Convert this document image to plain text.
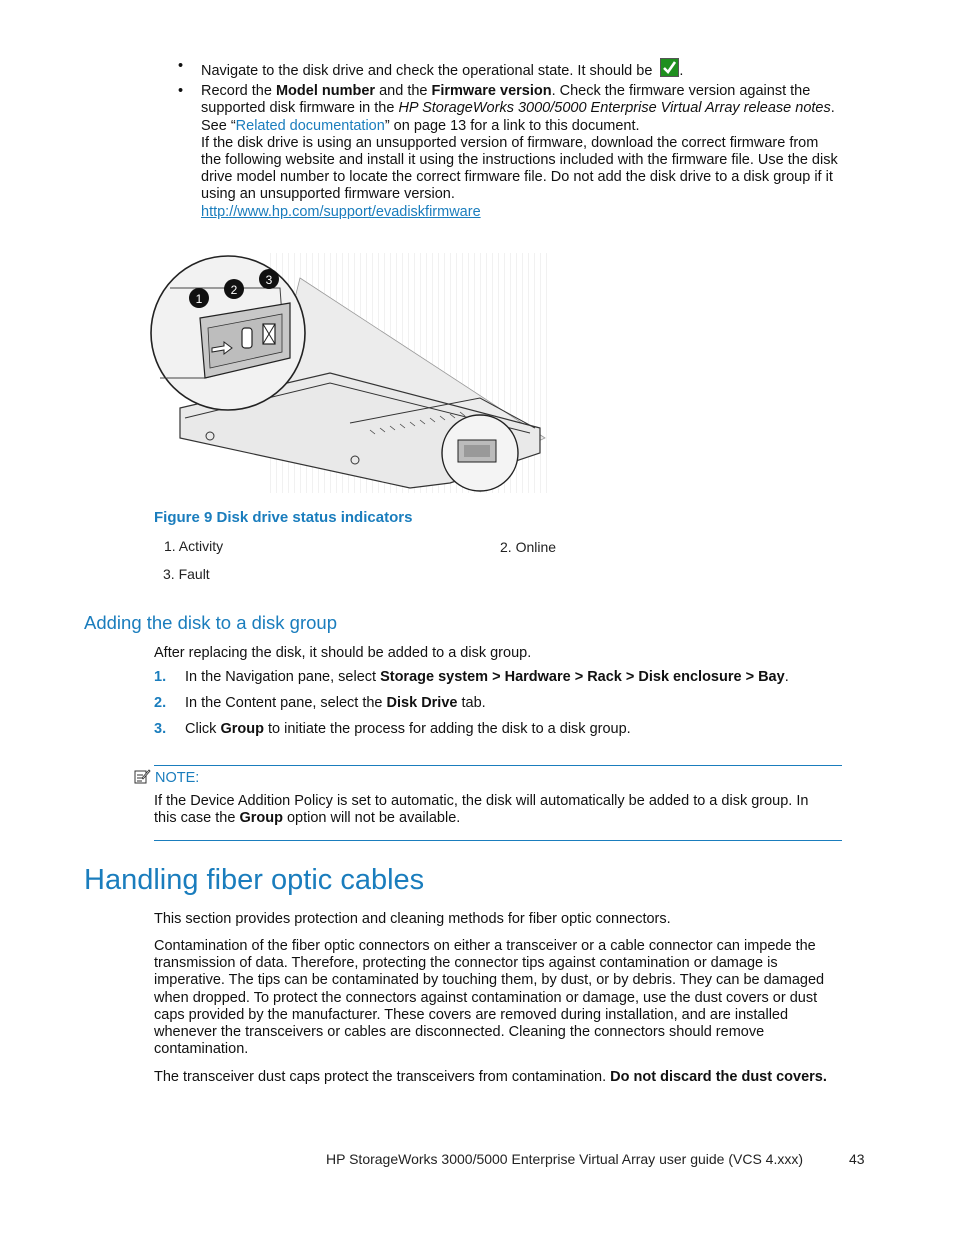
• Navigate to the disk drive and check the operational state. It should be .
• Record the Model number and the Firmware version. Check the firmware version against the supported disk firmware in the HP StorageWorks 3000/5000 Enterprise Virtual Array release notes. See “Related documentation” on page 13 for a link to this document.
If the disk drive is using an unsupported version of firmware, download the correct firmware from the following website and install it using the instructions included with the firmware file. Use the disk drive model number to locate the correct firmware file. Do not add the disk drive to a disk group if it using an unsupported firmware version.
http://www.hp.com/support/evadiskfirmware
1
2
3
Figure 9 Disk drive status indicators
1. Activity	2. Online
3. Fault
Adding the disk to a disk group
After replacing the disk, it should be added to a disk group.
1. In the Navigation pane, select Storage system > Hardware > Rack > Disk enclosure > Bay.
2. In the Content pane, select the Disk Drive tab.
3. Click Group to initiate the process for adding the disk to a disk group.
NOTE:
If the Device Addition Policy is set to automatic, the disk will automatically be added to a disk group. In this case the Group option will not be available.
Handling fiber optic cables
This section provides protection and cleaning methods for fiber optic connectors.
Contamination of the fiber optic connectors on either a transceiver or a cable connector can impede the transmission of data. Therefore, protecting the connector tips against contamination or damage is imperative. The tips can be contaminated by touching them, by dust, or by debris. They can be damaged when dropped. To protect the connectors against contamination or damage, use the dust covers or dust caps provided by the manufacturer. These covers are removed during installation, and are installed whenever the transceivers or cables are disconnected. Cleaning the connectors should remove contamination.
The transceiver dust caps protect the transceivers from contamination. Do not discard the dust covers.
HP StorageWorks 3000/5000 Enterprise Virtual Array user guide (VCS 4.xxx)	43
